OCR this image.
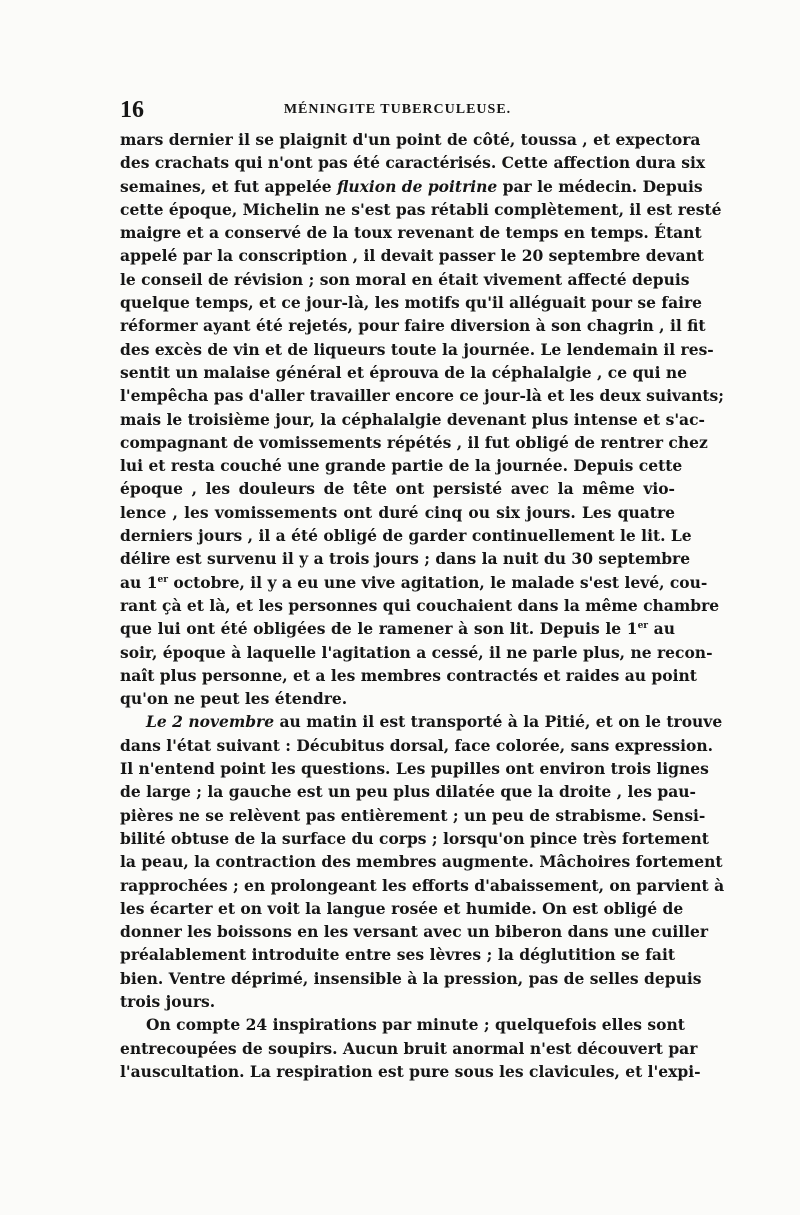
16	MÉNINGITE TUBERCULEUSE.
mars dernier il se plaignit d'un point de côté, toussa , et expectora
des crachats qui n'ont pas été caractérisés. Cette affection dura six
semaines, et fut appelée fluxion de poitrine par le médecin. Depuis
cette époque, Michelin ne s'est pas rétabli complètement, il est resté
maigre et a conservé de la toux revenant de temps en temps. Étant
appelé par la conscription , il devait passer le 20 septembre devant
le conseil de révision ; son moral en était vivement affecté depuis
quelque temps, et ce jour-là, les motifs qu'il alléguait pour se faire
réformer ayant été rejetés, pour faire diversion à son chagrin , il fit
des excès de vin et de liqueurs toute la journée. Le lendemain il res-
sentit un malaise général et éprouva de la céphalalgie , ce qui ne
l'empêcha pas d'aller travailler encore ce jour-là et les deux suivants;
mais le troisième jour, la céphalalgie devenant plus intense et s'ac-
compagnant de vomissements répétés , il fut obligé de rentrer chez
lui et resta couché une grande partie de la journée. Depuis cette
époque , les douleurs de tête ont persisté avec la même vio-
lence , les vomissements ont duré cinq ou six jours. Les quatre
derniers jours , il a été obligé de garder continuellement le lit. Le
délire est survenu il y a trois jours ; dans la nuit du 30 septembre
au 1er octobre, il y a eu une vive agitation, le malade s'est levé, cou-
rant çà et là, et les personnes qui couchaient dans la même chambre
que lui ont été obligées de le ramener à son lit. Depuis le 1er au
soir, époque à laquelle l'agitation a cessé, il ne parle plus, ne recon-
naît plus personne, et a les membres contractés et raides au point
qu'on ne peut les étendre.
Le 2 novembre au matin il est transporté à la Pitié, et on le trouve
dans l'état suivant : Décubitus dorsal, face colorée, sans expression.
Il n'entend point les questions. Les pupilles ont environ trois lignes
de large ; la gauche est un peu plus dilatée que la droite , les pau-
pières ne se relèvent pas entièrement ; un peu de strabisme. Sensi-
bilité obtuse de la surface du corps ; lorsqu'on pince très fortement
la peau, la contraction des membres augmente. Mâchoires fortement
rapprochées ; en prolongeant les efforts d'abaissement, on parvient à
les écarter et on voit la langue rosée et humide. On est obligé de
donner les boissons en les versant avec un biberon dans une cuiller
préalablement introduite entre ses lèvres ; la déglutition se fait
bien. Ventre déprimé, insensible à la pression, pas de selles depuis
trois jours.
On compte 24 inspirations par minute ; quelquefois elles sont
entrecoupées de soupirs. Aucun bruit anormal n'est découvert par
l'auscultation. La respiration est pure sous les clavicules, et l'expi-
